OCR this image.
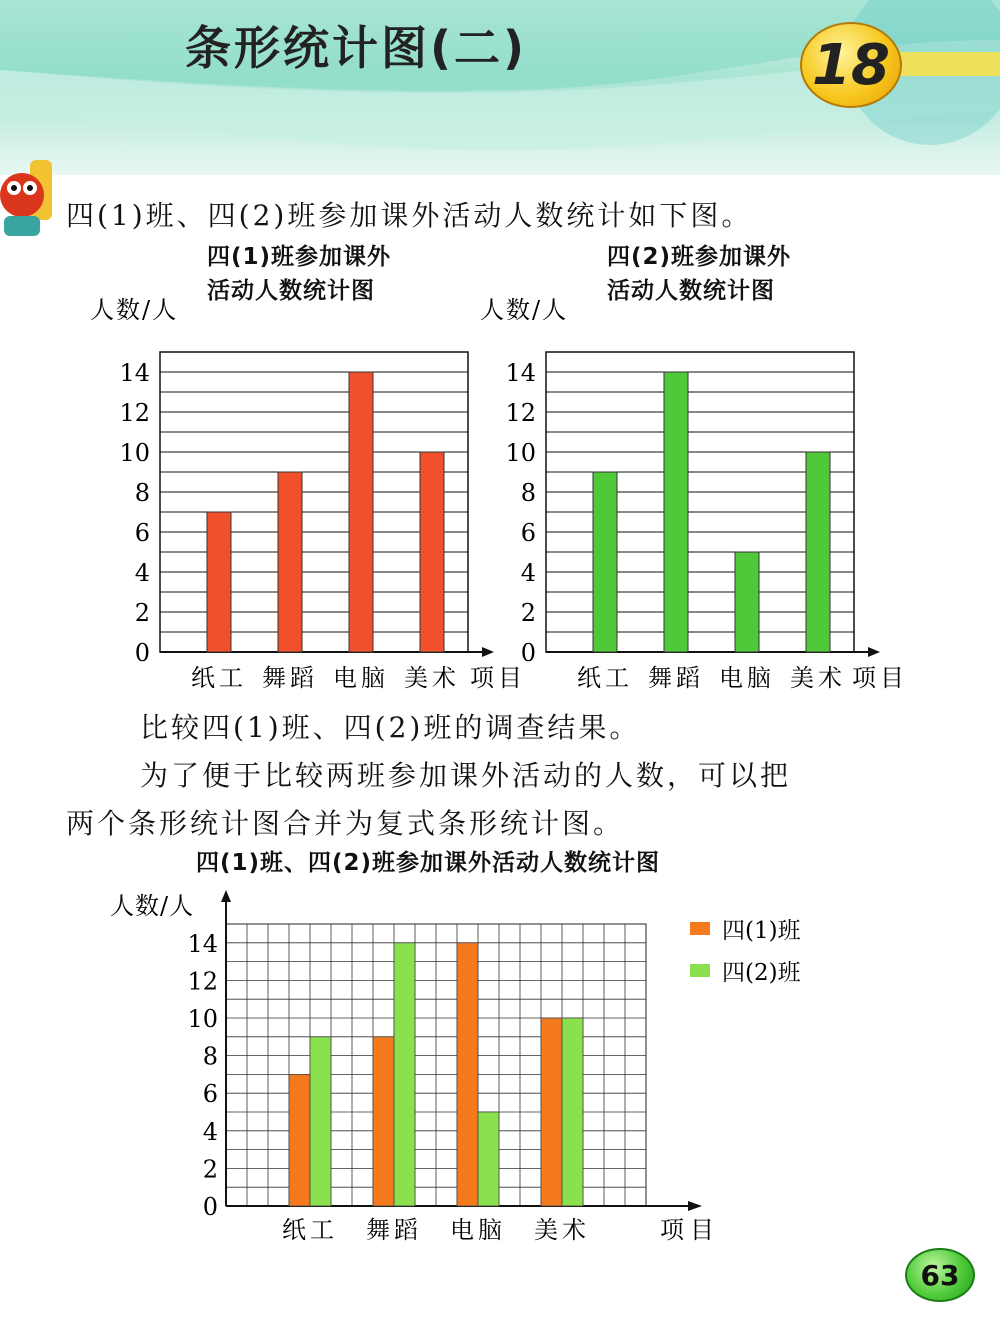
条形统计图(二)	18

四(1)班、四(2)班参加课外活动人数统计如下图。

四(1)班参加课外
活动人数统计图
四(2)班参加课外
活动人数统计图
0
2
4
6
8
10
12
14
人数/人
纸工 舞蹈 电脑 美术 项目
0
2
4
6
8
10
12
14
人数/人
纸工 舞蹈 电脑 美术 项目

比较四(1)班、四(2)班的调查结果。

为了便于比较两班参加课外活动的人数，可以把

两个条形统计图合并为复式条形统计图。

四(1)班、四(2)班参加课外活动人数统计图
0
2
4
6
8
10
12
14
人数/人
纸工 舞蹈 电脑 美术	项目
四(1)班
四(2)班
63
